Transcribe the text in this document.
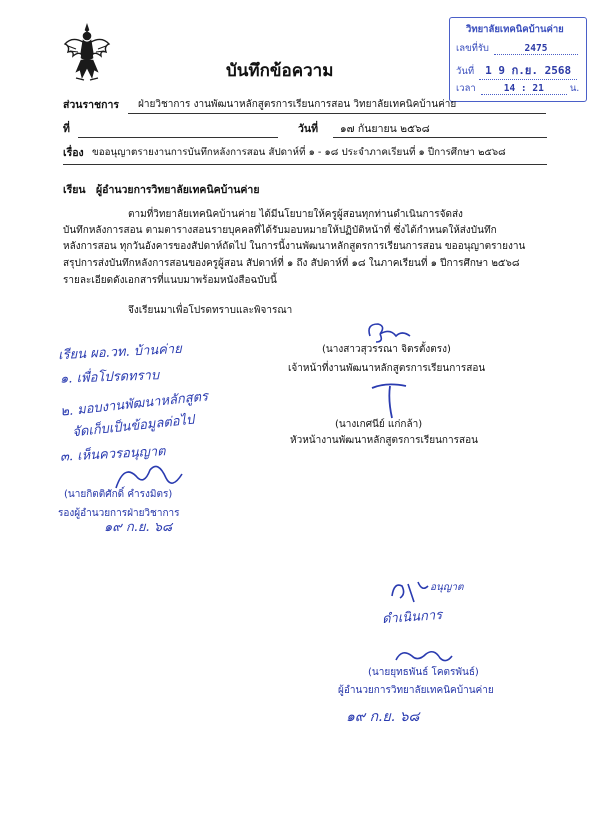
บันทึกข้อความ
วิทยาลัยเทคนิคบ้านค่าย
เลขที่รับ	2475
วันที่ 1 9 ก.ย. 2568
เวลา	14 : 21	น.
ส่วนราชการ ฝ่ายวิชาการ งานพัฒนาหลักสูตรการเรียนการสอน วิทยาลัยเทคนิคบ้านค่าย
ที่	วันที่ ๑๗ กันยายน ๒๕๖๘
เรื่อง ขออนุญาตรายงานการบันทึกหลังการสอน สัปดาห์ที่ ๑ - ๑๘ ประจำภาคเรียนที่ ๑ ปีการศึกษา ๒๕๖๘
เรียน ผู้อำนวยการวิทยาลัยเทคนิคบ้านค่าย
ตามที่วิทยาลัยเทคนิคบ้านค่าย ได้มีนโยบายให้ครูผู้สอนทุกท่านดำเนินการจัดส่ง
บันทึกหลังการสอน ตามตารางสอนรายบุคคลที่ได้รับมอบหมายให้ปฏิบัติหน้าที่ ซึ่งได้กำหนดให้ส่งบันทึก
หลังการสอน ทุกวันอังคารของสัปดาห์ถัดไป ในการนี้งานพัฒนาหลักสูตรการเรียนการสอน ขออนุญาตรายงาน
สรุปการส่งบันทึกหลังการสอนของครูผู้สอน สัปดาห์ที่ ๑ ถึง สัปดาห์ที่ ๑๘ ในภาคเรียนที่ ๑ ปีการศึกษา ๒๕๖๘
รายละเอียดดังเอกสารที่แนบมาพร้อมหนังสือฉบับนี้
จึงเรียนมาเพื่อโปรดทราบและพิจารณา
(นางสาวสุวรรณา จิตรตั้งตรง)
เจ้าหน้าที่งานพัฒนาหลักสูตรการเรียนการสอน
(นางเกศนีย์ แก่กล้า)
หัวหน้างานพัฒนาหลักสูตรการเรียนการสอน
เรียน ผอ.วท. บ้านค่าย
๑. เพื่อโปรดทราบ
๒. มอบงานพัฒนาหลักสูตร
จัดเก็บเป็นข้อมูลต่อไป
๓. เห็นควรอนุญาต
(นายกิตติศักดิ์ คำรงมิตร)
รองผู้อำนวยการฝ่ายวิชาการ
๑๙ ก.ย. ๖๘
อนุญาต
ดำเนินการ
(นายยุทธพันธ์ โคตรพันธ์)
ผู้อำนวยการวิทยาลัยเทคนิคบ้านค่าย
๑๙ ก.ย. ๖๘
